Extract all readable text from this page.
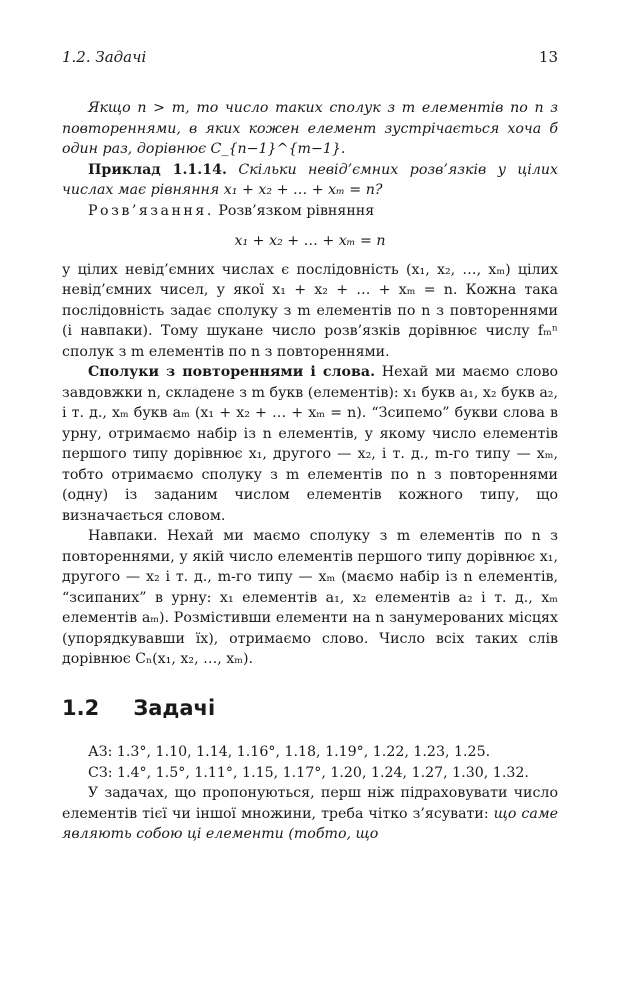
1.2. Задачі	13

Якщо n > m, то число таких сполук з m елементів по n з повтореннями, в яких кожен елемент зустрічається хоча б один раз, дорівнює C_{n−1}^{m−1}.

Приклад 1.1.14. Скільки невід’ємних розв’язків у цілих числах має рівняння x₁ + x₂ + … + xₘ = n?

Розв’язання. Розв’язком рівняння

x₁ + x₂ + … + xₘ = n

у цілих невід’ємних числах є послідовність (x₁, x₂, …, xₘ) цілих невід’ємних чисел, у якої x₁ + x₂ + … + xₘ = n. Кожна така послідовність задає сполуку з m елементів по n з повтореннями (і навпаки). Тому шукане число розв’язків дорівнює числу fₘⁿ сполук з m елементів по n з повтореннями.

Сполуки з повтореннями і слова. Нехай ми маємо слово завдовжки n, складене з m букв (елементів): x₁ букв a₁, x₂ букв a₂, і т. д., xₘ букв aₘ (x₁ + x₂ + … + xₘ = n). “Зсипемо” букви слова в урну, отримаємо набір із n елементів, у якому число елементів першого типу дорівнює x₁, другого — x₂, і т. д., m-го типу — xₘ, тобто отримаємо сполуку з m елементів по n з повтореннями (одну) із заданим числом елементів кожного типу, що визначається словом.

Навпаки. Нехай ми маємо сполуку з m елементів по n з повтореннями, у якій число елементів першого типу дорівнює x₁, другого — x₂ і т. д., m-го типу — xₘ (маємо набір із n елементів, “зсипаних” в урну: x₁ елементів a₁, x₂ елементів a₂ і т. д., xₘ елементів aₘ). Розмістивши елементи на n занумерованих місцях (упорядкувавши їх), отримаємо слово. Число всіх таких слів дорівнює Cₙ(x₁, x₂, …, xₘ).

1.2 Задачі

АЗ: 1.3°, 1.10, 1.14, 1.16°, 1.18, 1.19°, 1.22, 1.23, 1.25.

СЗ: 1.4°, 1.5°, 1.11°, 1.15, 1.17°, 1.20, 1.24, 1.27, 1.30, 1.32.

У задачах, що пропонуються, перш ніж підраховувати число елементів тієї чи іншої множини, треба чітко з’ясувати: що саме являють собою ці елементи (тобто, що
